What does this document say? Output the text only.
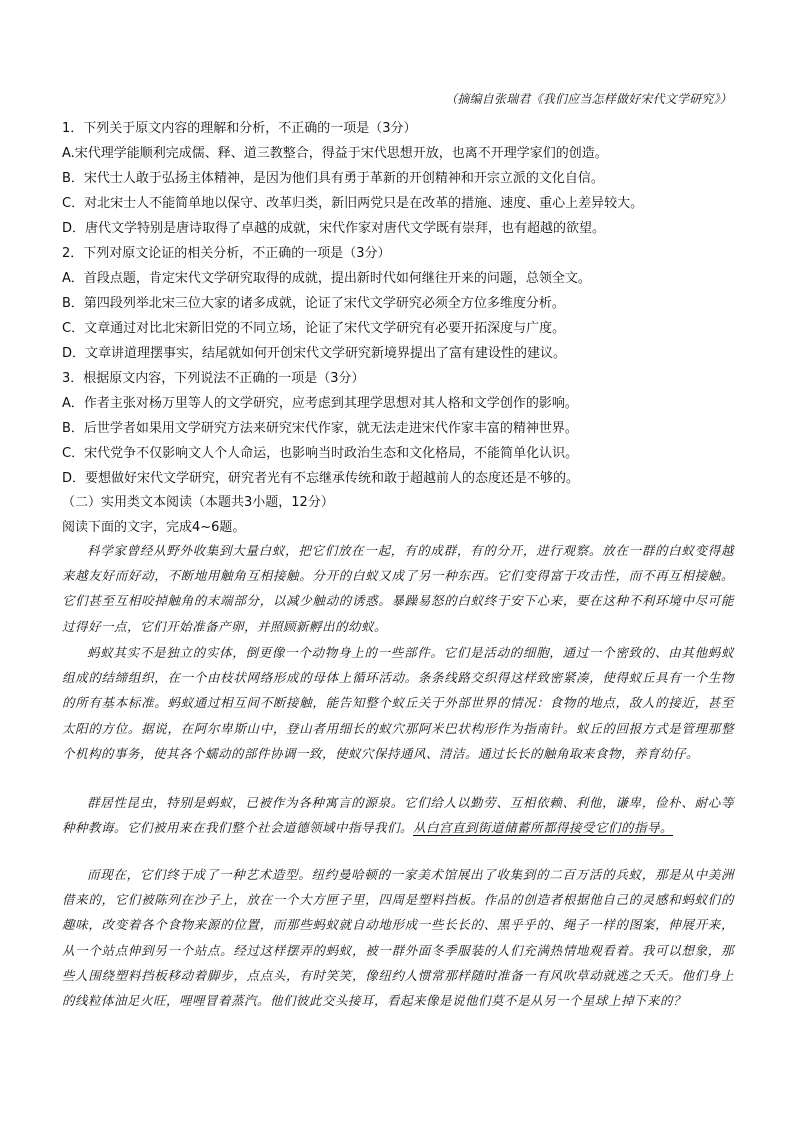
（摘编自张瑞君《我们应当怎样做好宋代文学研究》）
1．下列关于原文内容的理解和分析，不正确的一项是（3分）
A.宋代理学能顺利完成儒、释、道三教整合，得益于宋代思想开放，也离不开理学家们的创造。
B．宋代士人敢于弘扬主体精神，是因为他们具有勇于革新的开创精神和开宗立派的文化自信。
C．对北宋士人不能简单地以保守、改革归类，新旧两党只是在改革的措施、速度、重心上差异较大。
D．唐代文学特别是唐诗取得了卓越的成就，宋代作家对唐代文学既有崇拜，也有超越的欲望。
2．下列对原文论证的相关分析，不正确的一项是（3分）
A．首段点题，肯定宋代文学研究取得的成就，提出新时代如何继往开来的问题，总领全文。
B．第四段列举北宋三位大家的诸多成就，论证了宋代文学研究必须全方位多维度分析。
C．文章通过对比北宋新旧党的不同立场，论证了宋代文学研究有必要开拓深度与广度。
D．文章讲道理摆事实，结尾就如何开创宋代文学研究新境界提出了富有建设性的建议。
3．根据原文内容，下列说法不正确的一项是（3分）
A．作者主张对杨万里等人的文学研究，应考虑到其理学思想对其人格和文学创作的影响。
B．后世学者如果用文学研究方法来研究宋代作家，就无法走进宋代作家丰富的精神世界。
C．宋代党争不仅影响文人个人命运，也影响当时政治生态和文化格局，不能简单化认识。
D．要想做好宋代文学研究，研究者光有不忘继承传统和敢于超越前人的态度还是不够的。
（二）实用类文本阅读（本题共3小题，12分）
阅读下面的文字，完成4~6题。
科学家曾经从野外收集到大量白蚁，把它们放在一起，有的成群，有的分开，进行观察。放在一群的白蚁变得越来越友好而好动，不断地用触角互相接触。分开的白蚁又成了另一种东西。它们变得富于攻击性，而不再互相接触。它们甚至互相咬掉触角的末端部分，以减少触动的诱惑。暴躁易怒的白蚁终于安下心来，要在这种不利环境中尽可能过得好一点，它们开始准备产卵，并照顾新孵出的幼蚁。
蚂蚁其实不是独立的实体，倒更像一个动物身上的一些部件。它们是活动的细胞，通过一个密致的、由其他蚂蚁组成的结缔组织，在一个由枝状网络形成的母体上循环活动。条条线路交织得这样致密紧凑，使得蚁丘具有一个生物的所有基本标准。蚂蚁通过相互间不断接触，能告知整个蚁丘关于外部世界的情况：食物的地点，敌人的接近，甚至太阳的方位。据说，在阿尔卑斯山中，登山者用细长的蚁穴那阿米巴状构形作为指南针。蚁丘的回报方式是管理那整个机构的事务，使其各个蠕动的部件协调一致，使蚁穴保持通风、清洁。通过长长的触角取来食物，养育幼仔。
群居性昆虫，特别是蚂蚁，已被作为各种寓言的源泉。它们给人以勤劳、互相依赖、利他，谦卑，俭朴、耐心等种种教诲。它们被用来在我们整个社会道德领域中指导我们。从白宫直到街道储蓄所都得接受它们的指导。
而现在，它们终于成了一种艺术造型。纽约曼哈顿的一家美术馆展出了收集到的二百万活的兵蚁，那是从中美洲借来的，它们被陈列在沙子上，放在一个大方匣子里，四周是塑料挡板。作品的创造者根据他自己的灵感和蚂蚁们的趣味，改变着各个食物来源的位置，而那些蚂蚁就自动地形成一些长长的、黑乎乎的、绳子一样的图案，伸展开来，从一个站点伸到另一个站点。经过这样摆弄的蚂蚁，被一群外面冬季服装的人们充满热情地观看着。我可以想象，那些人围绕塑料挡板移动着脚步，点点头，有时笑笑，像纽约人惯常那样随时准备一有风吹草动就逃之夭夭。他们身上的线粒体油足火旺，哩哩冒着蒸汽。他们彼此交头接耳，看起来像是说他们莫不是从另一个星球上掉下来的？
